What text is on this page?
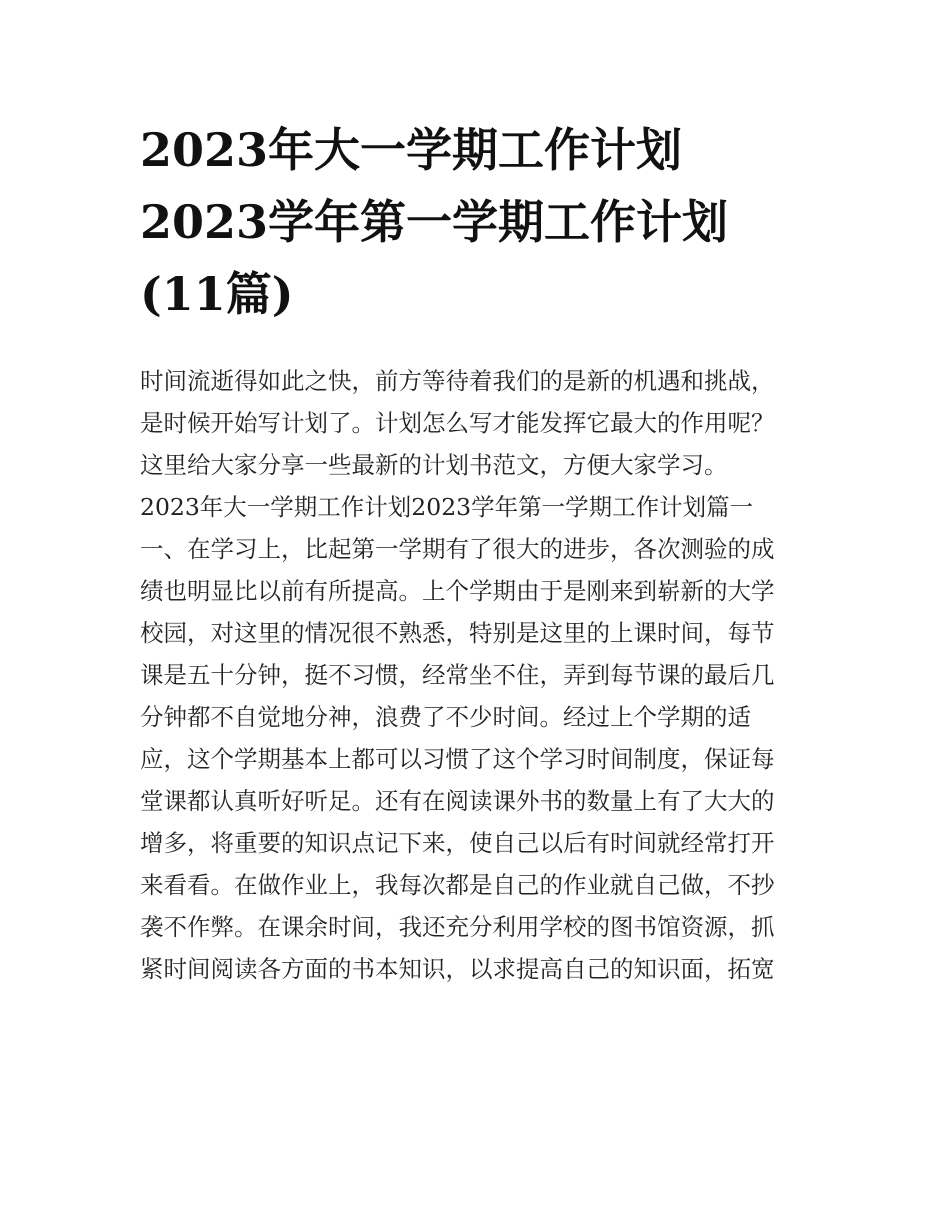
2023年大一学期工作计划
2023学年第一学期工作计划
(11篇)
时间流逝得如此之快，前方等待着我们的是新的机遇和挑战，
是时候开始写计划了。计划怎么写才能发挥它最大的作用呢？
这里给大家分享一些最新的计划书范文，方便大家学习。
2023年大一学期工作计划2023学年第一学期工作计划篇一
一、在学习上，比起第一学期有了很大的进步，各次测验的成
绩也明显比以前有所提高。上个学期由于是刚来到崭新的大学
校园，对这里的情况很不熟悉，特别是这里的上课时间，每节
课是五十分钟，挺不习惯，经常坐不住，弄到每节课的最后几
分钟都不自觉地分神，浪费了不少时间。经过上个学期的适
应，这个学期基本上都可以习惯了这个学习时间制度，保证每
堂课都认真听好听足。还有在阅读课外书的数量上有了大大的
增多，将重要的知识点记下来，使自己以后有时间就经常打开
来看看。在做作业上，我每次都是自己的作业就自己做，不抄
袭不作弊。在课余时间，我还充分利用学校的图书馆资源，抓
紧时间阅读各方面的书本知识，以求提高自己的知识面，拓宽
